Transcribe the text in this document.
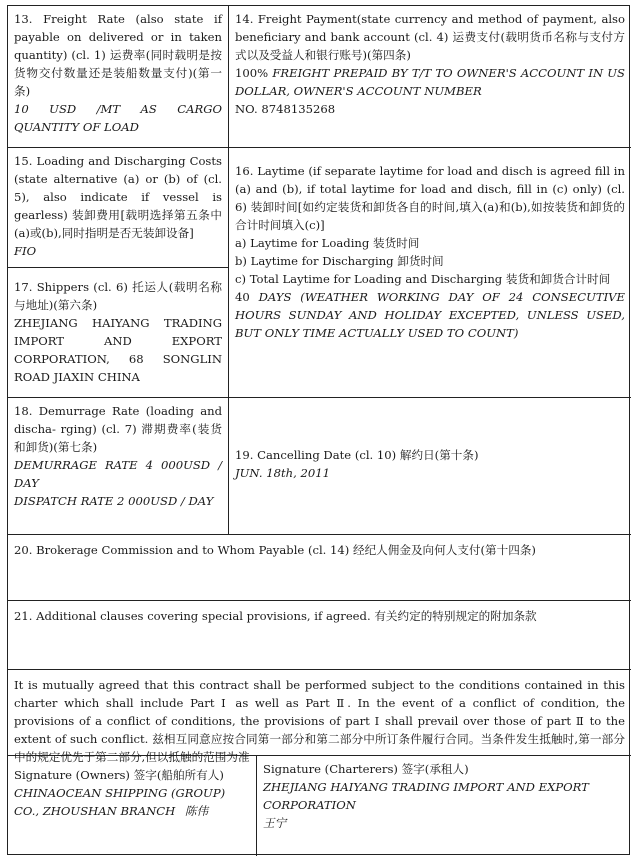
13. Freight Rate (also state if payable on delivered or in taken quantity) (cl. 1) 运费率(同时载明是按货物交付数量还是装船数量支付)(第一条)

10 USD /MT AS CARGO QUANTITY OF LOAD

14. Freight Payment(state currency and method of payment, also beneficiary and bank account (cl. 4) 运费支付(载明货币名称与支付方式以及受益人和银行账号)(第四条)

100% FREIGHT PREPAID BY T/T TO OWNER'S ACCOUNT IN US DOLLAR, OWNER'S ACCOUNT NUMBER

NO. 8748135268

15. Loading and Discharging Costs (state alternative (a) or (b) of (cl. 5), also indicate if vessel is gearless) 装卸费用[载明选择第五条中(a)或(b),同时指明是否无装卸设备]

FIO

17. Shippers (cl. 6) 托运人(载明名称与地址)(第六条)

ZHEJIANG HAIYANG TRADING IMPORT AND EXPORT CORPORATION, 68 SONGLIN ROAD JIAXIN CHINA

16. Laytime (if separate laytime for load and disch is agreed fill in (a) and (b), if total laytime for load and disch, fill in (c) only) (cl. 6) 装卸时间[如约定装货和卸货各自的时间,填入(a)和(b),如按装货和卸货的合计时间填入(c)]

a) Laytime for Loading 装货时间

b) Laytime for Discharging 卸货时间

c) Total Laytime for Loading and Discharging 装货和卸货合计时间

40 DAYS (WEATHER WORKING DAY OF 24 CONSECUTIVE HOURS SUNDAY AND HOLIDAY EXCEPTED, UNLESS USED, BUT ONLY TIME ACTUALLY USED TO COUNT)

18. Demurrage Rate (loading and discha- rging) (cl. 7) 滞期费率(装货和卸货)(第七条)

DEMURRAGE RATE 4 000USD / DAY

DISPATCH RATE 2 000USD / DAY

19. Cancelling Date (cl. 10) 解约日(第十条)

JUN. 18th, 2011

20. Brokerage Commission and to Whom Payable (cl. 14) 经纪人佣金及向何人支付(第十四条)

21. Additional clauses covering special provisions, if agreed. 有关约定的特别规定的附加条款

It is mutually agreed that this contract shall be performed subject to the conditions contained in this charter which shall include Part Ⅰ as well as Part Ⅱ. In the event of a conflict of condition, the provisions of a conflict of conditions, the provisions of part Ⅰ shall prevail over those of part Ⅱ to the extent of such conflict. 兹相互同意应按合同第一部分和第二部分中所订条件履行合同。当条件发生抵触时,第一部分中的规定优先于第二部分,但以抵触的范围为准

Signature (Owners) 签字(船舶所有人)

CHINAOCEAN SHIPPING (GROUP) CO., ZHOUSHAN BRANCH 陈伟

Signature (Charterers) 签字(承租人)

ZHEJIANG HAIYANG TRADING IMPORT AND EXPORT CORPORATION

王宁
